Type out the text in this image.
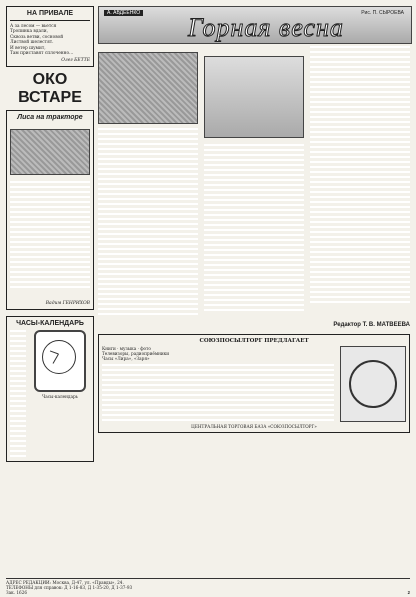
НА ПРИВАЛЕ
А за лесом — вьется
Тропинка вдали,
Сквозь ветви, сосновой
Листвой шелестят.
И ветер шумит,
Там приставят сплоченно...
Олег БЕТТЕ
ОКО ВСТАРЕ
Лиса на тракторе
Вадим ГЕНРИХОВ
ЧАСЫ-КАЛЕНДАРЬ
Часы-календарь
А. АВДЕЕНКО	Рис. П. СЫРОЕВА
Горная весна
Редактор Т. В. МАТВЕЕВА
СОЮЗПОСЫЛТОРГ ПРЕДЛАГАЕТ
Книги · музыка · фото
Телевизоры, радиоприёмники
Часы «Лира», «Заря»
ЦЕНТРАЛЬНАЯ ТОРГОВАЯ БАЗА «СОЮЗПОСЫЛТОРГ»
АДРЕС РЕДАКЦИИ: Москва, Д-47, ул. «Правды», 24.
ТЕЛЕФОНЫ для справок: Д 1-16-83, Д 1-35-20, Д 1-37-93
Зак. 1626	2
